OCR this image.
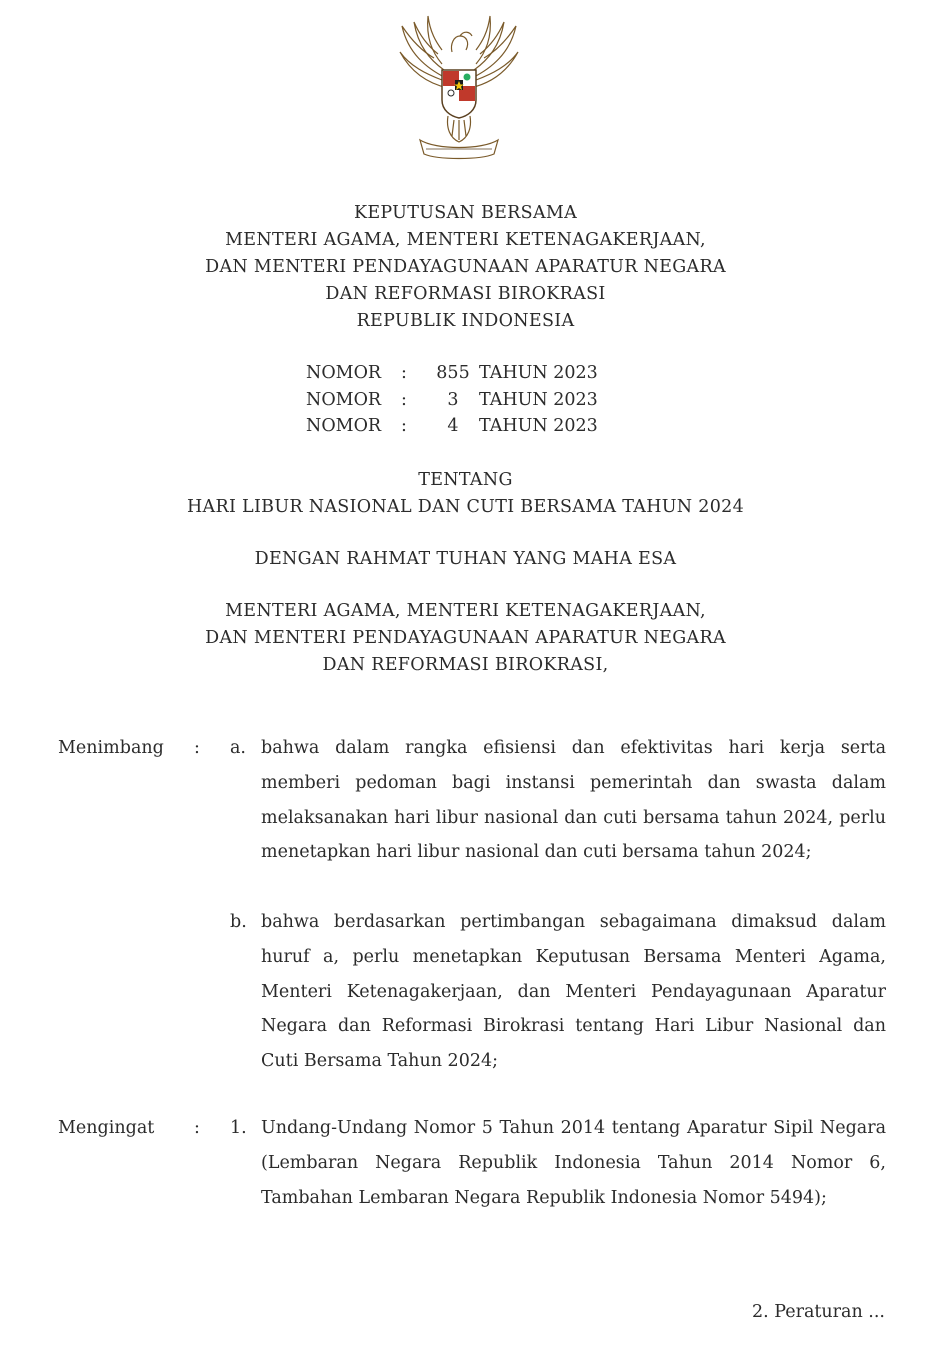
KEPUTUSAN BERSAMA
MENTERI AGAMA, MENTERI KETENAGAKERJAAN,
DAN MENTERI PENDAYAGUNAAN APARATUR NEGARA
DAN REFORMASI BIROKRASI
REPUBLIK INDONESIA
NOMOR	:	855 TAHUN 2023
NOMOR	:	3	TAHUN 2023
NOMOR	:	4	TAHUN 2023
TENTANG
HARI LIBUR NASIONAL DAN CUTI BERSAMA TAHUN 2024
DENGAN RAHMAT TUHAN YANG MAHA ESA
MENTERI AGAMA, MENTERI KETENAGAKERJAAN,
DAN MENTERI PENDAYAGUNAAN APARATUR NEGARA
DAN REFORMASI BIROKRASI,
Menimbang : a. bahwa dalam rangka efisiensi dan efektivitas hari kerja serta memberi pedoman bagi instansi pemerintah dan swasta dalam melaksanakan hari libur nasional dan cuti bersama tahun 2024, perlu menetapkan hari libur nasional dan cuti bersama tahun 2024;
b. bahwa berdasarkan pertimbangan sebagaimana dimaksud dalam huruf a, perlu menetapkan Keputusan Bersama Menteri Agama, Menteri Ketenagakerjaan, dan Menteri Pendayagunaan Aparatur Negara dan Reformasi Birokrasi tentang Hari Libur Nasional dan Cuti Bersama Tahun 2024;
Mengingat : 1. Undang-Undang Nomor 5 Tahun 2014 tentang Aparatur Sipil Negara (Lembaran Negara Republik Indonesia Tahun 2014 Nomor 6, Tambahan Lembaran Negara Republik Indonesia Nomor 5494);
2. Peraturan ...
